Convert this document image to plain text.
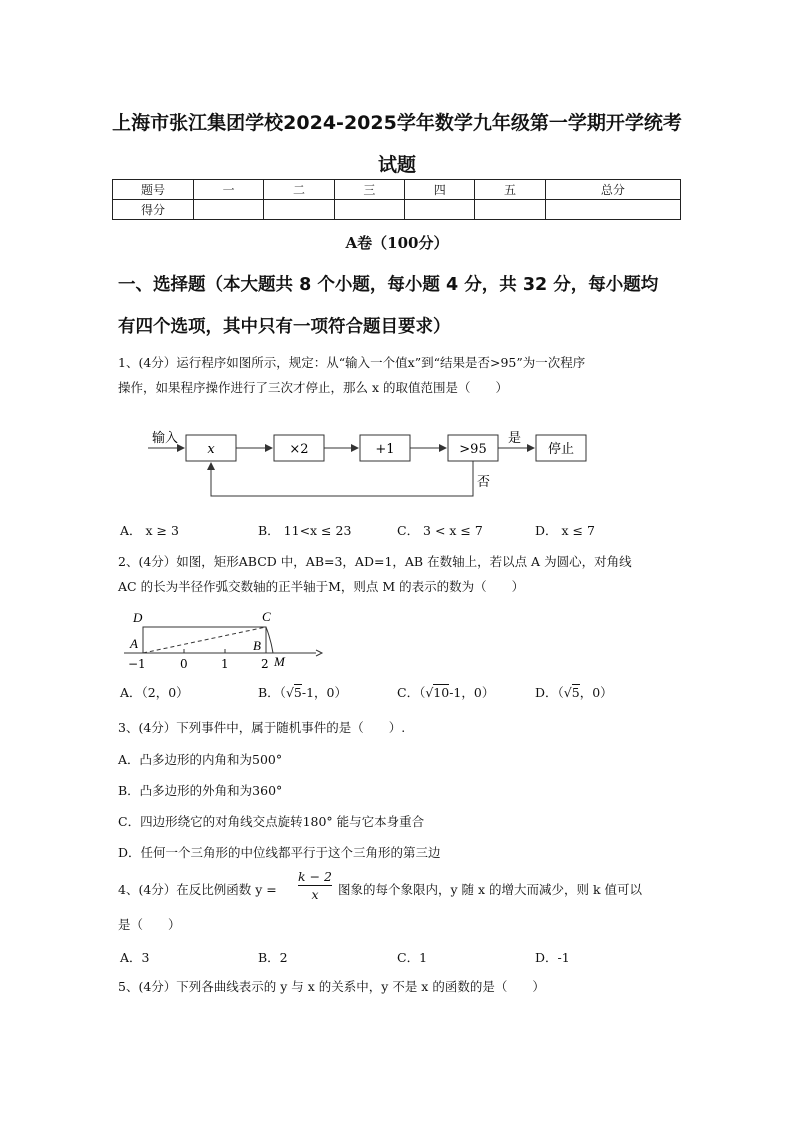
上海市张江集团学校2024-2025学年数学九年级第一学期开学统考
试题
题号	一	二	三	四	五	总分
得分						
A卷（100分）
一、选择题（本大题共 8 个小题，每小题 4 分，共 32 分，每小题均
有四个选项，其中只有一项符合题目要求）
1、(4分）运行程序如图所示，规定：从“输入一个值x”到“结果是否>95”为一次程序
操作，如果程序操作进行了三次才停止，那么 x 的取值范围是（　　）
输入
x	×2	+1	>95
是
停止
否
A． x ≥ 3	B． 11<x ≤ 23	C． 3 < x ≤ 7	D． x ≤ 7
2、(4分）如图，矩形ABCD 中，AB=3，AD=1，AB 在数轴上，若以点 A 为圆心，对角线
AC 的长为半径作弧交数轴的正半轴于M，则点 M 的表示的数为（　　）
D	C
A	B
M
−1	0	1	2
A．（2，0）	B．（√5-1，0）	C．（√10-1，0）	D．（√5，0）
3、(4分）下列事件中，属于随机事件的是（　　）.
A．凸多边形的内角和为500°
B．凸多边形的外角和为360°
C．四边形绕它的对角线交点旋转180° 能与它本身重合
D．任何一个三角形的中位线都平行于这个三角形的第三边
4、(4分）在反比例函数 $y = \frac{k - 2}{x}$ 图象的每个象限内，y 随 x 的增大而减少，则 k 值可以
是（　　）
A．3	B．2	C．1	D．-1
5、(4分）下列各曲线表示的 y 与 x 的关系中，y 不是 x 的函数的是（　　）
